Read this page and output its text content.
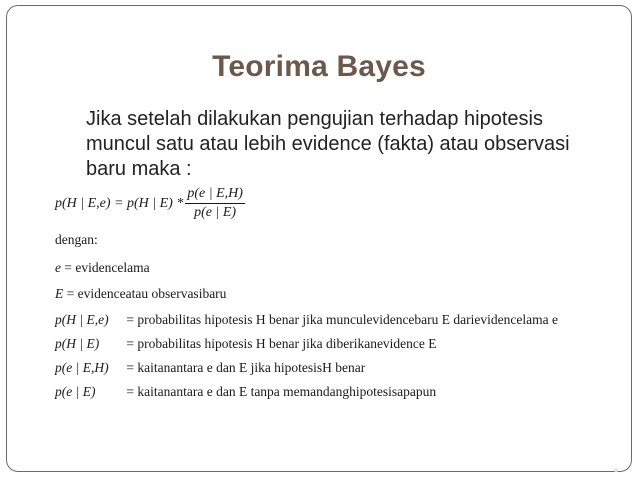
Teorima Bayes

Jika setelah dilakukan pengujian terhadap hipotesis muncul satu atau lebih evidence (fakta) atau observasi baru maka :

p(H | E,e) = p(H | $E) * \frac{p(e | E,H)}{p(e | E)}$
dengan:
e = evidencelama
E = evidenceatau observasibaru
p(H | E,e) = probabilitas hipotesis H benar jika munculevidencebaru E darievidencelama e
p(H | E) = probabilitas hipotesis H benar jika diberikanevidence E
p(e | E,H) = kaitanantara e dan E jika hipotesisH benar
p(e | E) = kaitanantara e dan E tanpa memandanghipotesisapapun
